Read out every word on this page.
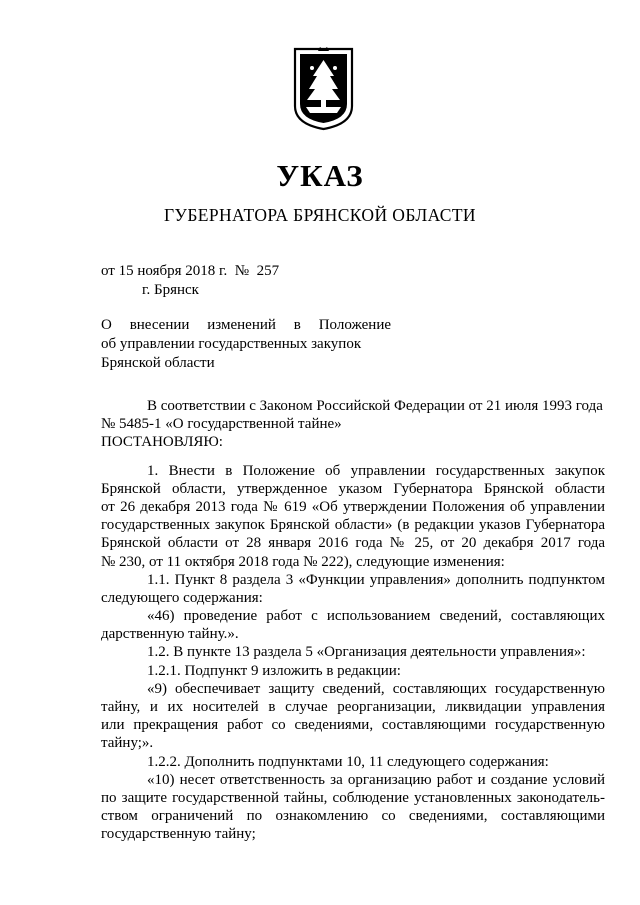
УКАЗ
ГУБЕРНАТОРА БРЯНСКОЙ ОБЛАСТИ
от 15 ноября 2018 г. № 257
г. Брянск
О внесении изменений в Положение
об управлении государственных закупок
Брянской области
В соответствии с Законом Российской Федерации от 21 июля 1993 года
№ 5485-1 «О государственной тайне»
ПОСТАНОВЛЯЮ:
1. Внести в Положение об управлении государственных закупок
Брянской области, утвержденное указом Губернатора Брянской области
от 26 декабря 2013 года № 619 «Об утверждении Положения об управлении
государственных закупок Брянской области» (в редакции указов Губернатора
Брянской области от 28 января 2016 года № 25, от 20 декабря 2017 года
№ 230, от 11 октября 2018 года № 222), следующие изменения:
1.1. Пункт 8 раздела 3 «Функции управления» дополнить подпунктом
следующего содержания:
«46) проведение работ с использованием сведений, составляющих
дарственную тайну.».
1.2. В пункте 13 раздела 5 «Организация деятельности управления»:
1.2.1. Подпункт 9 изложить в редакции:
«9) обеспечивает защиту сведений, составляющих государственную
тайну, и их носителей в случае реорганизации, ликвидации управления
или прекращения работ со сведениями, составляющими государственную
тайну;».
1.2.2. Дополнить подпунктами 10, 11 следующего содержания:
«10) несет ответственность за организацию работ и создание условий
по защите государственной тайны, соблюдение установленных законодатель-
ством ограничений по ознакомлению со сведениями, составляющими
государственную тайну;
